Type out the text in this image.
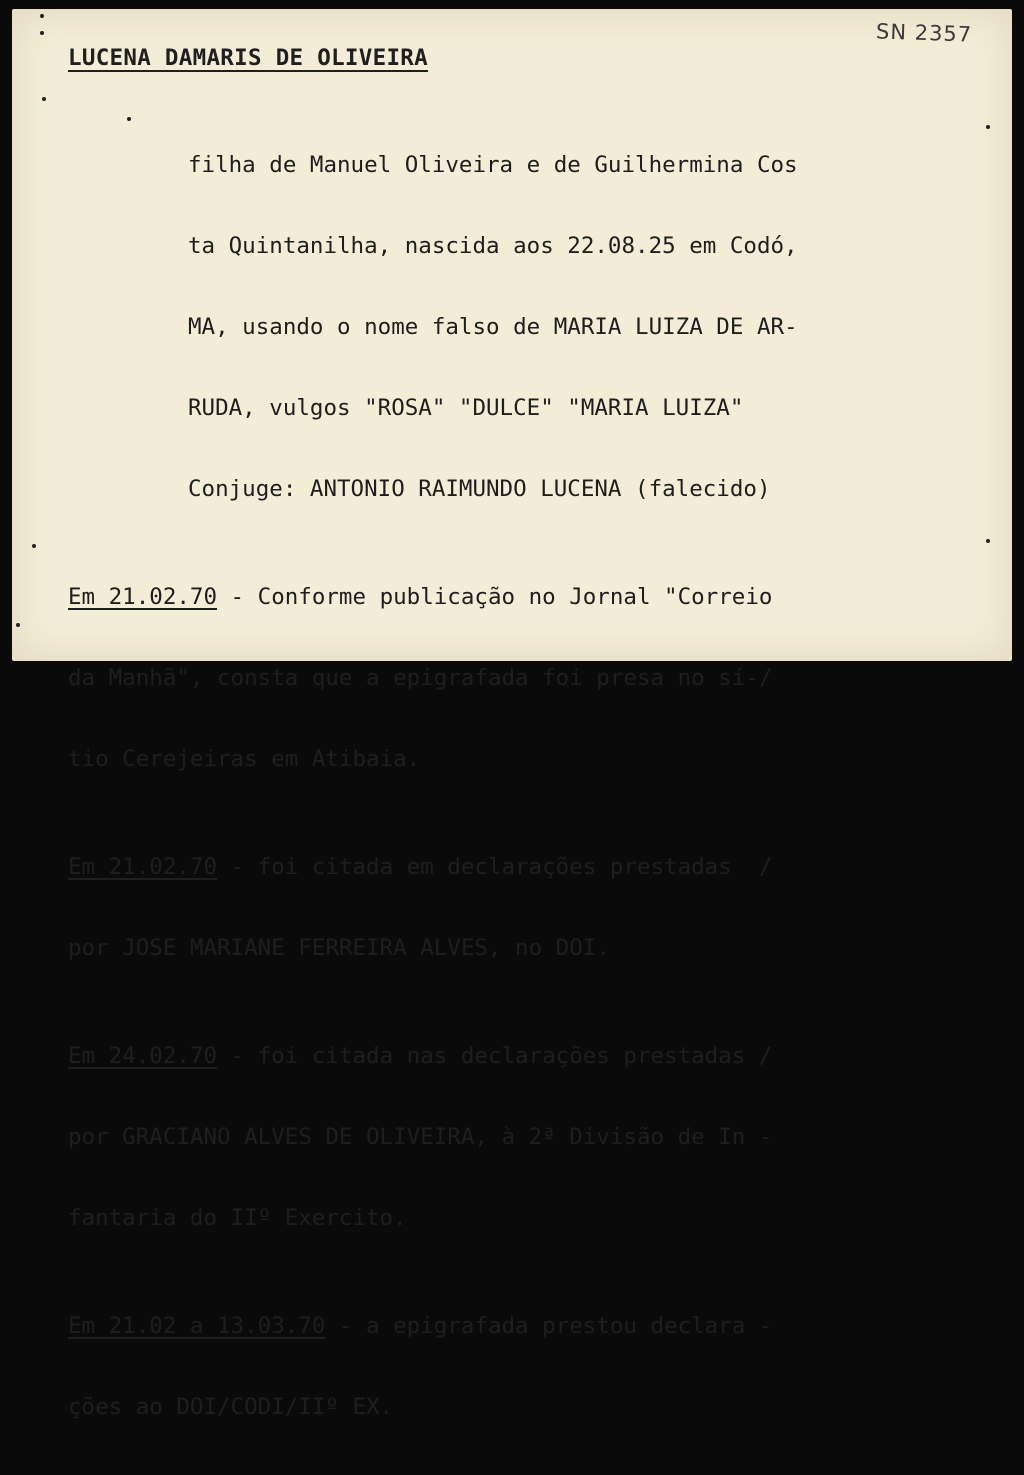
SN 2357
LUCENA DAMARIS DE OLIVEIRA

filha de Manuel Oliveira e de Guilhermina Cos

ta Quintanilha, nascida aos 22.08.25 em Codó,

MA, usando o nome falso de MARIA LUIZA DE AR-

RUDA, vulgos "ROSA" "DULCE" "MARIA LUIZA"

Conjuge: ANTONIO RAIMUNDO LUCENA (falecido)

Em 21.02.70 - Conforme publicação no Jornal "Correio

da Manhã", consta que a epigrafada foi presa no sí-/

tio Cerejeiras em Atibaia.

Em 21.02.70 - foi citada em declarações prestadas  /

por JOSE MARIANE FERREIRA ALVES, no DOI.

Em 24.02.70 - foi citada nas declarações prestadas /

por GRACIANO ALVES DE OLIVEIRA, à 2ª Divisão de In -

fantaria do IIº Exercito.

Em 21.02 a 13.03.70 - a epigrafada prestou declara -

ções ao DOI/CODI/IIº EX.
